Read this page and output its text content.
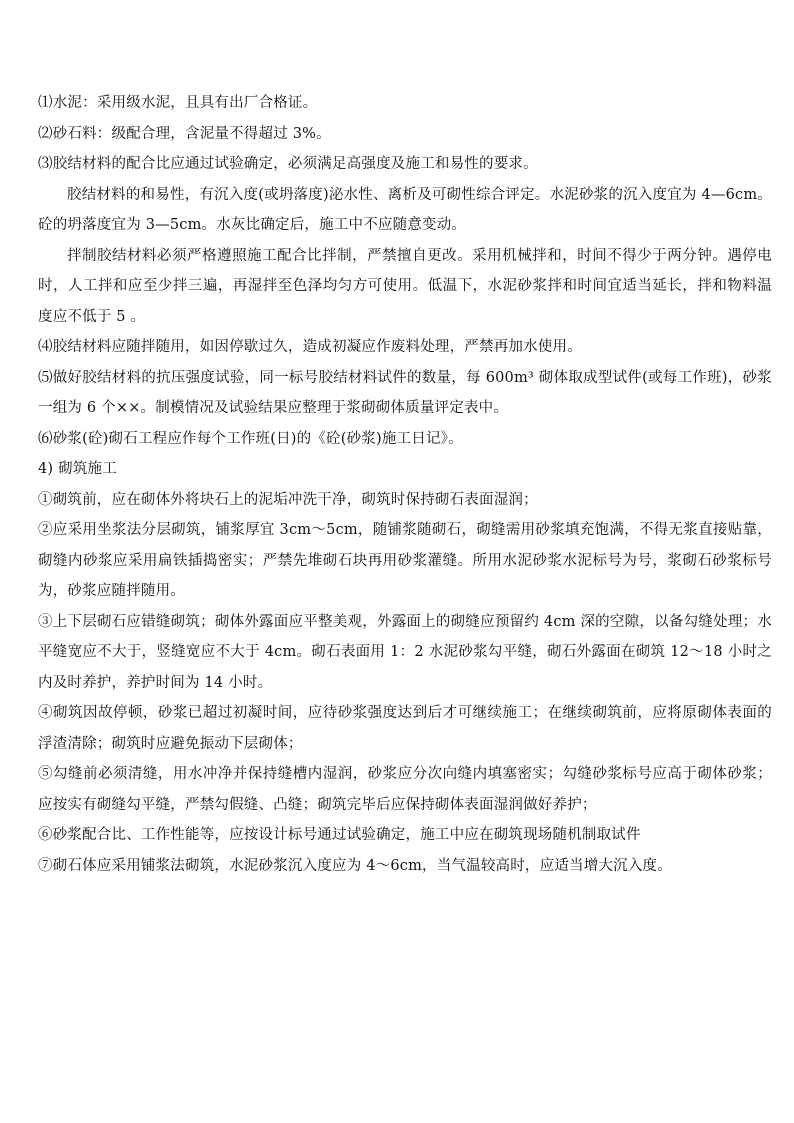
⑴水泥：采用级水泥，且具有出厂合格证。

⑵砂石料：级配合理，含泥量不得超过 3%。

⑶胶结材料的配合比应通过试验确定，必须满足高强度及施工和易性的要求。

胶结材料的和易性，有沉入度(或坍落度)泌水性、离析及可砌性综合评定。水泥砂浆的沉入度宜为 4—6cm。砼的坍落度宜为 3—5cm。水灰比确定后，施工中不应随意变动。

拌制胶结材料必须严格遵照施工配合比拌制，严禁擅自更改。采用机械拌和，时间不得少于两分钟。遇停电时，人工拌和应至少拌三遍，再湿拌至色泽均匀方可使用。低温下，水泥砂浆拌和时间宜适当延长，拌和物料温度应不低于 5 。

⑷胶结材料应随拌随用，如因停歇过久，造成初凝应作废料处理，严禁再加水使用。

⑸做好胶结材料的抗压强度试验，同一标号胶结材料试件的数量，每 600m³ 砌体取成型试件(或每工作班)，砂浆一组为 6 个××。制模情况及试验结果应整理于浆砌砌体质量评定表中。

⑹砂浆(砼)砌石工程应作每个工作班(日)的《砼(砂浆)施工日记》。

4) 砌筑施工

①砌筑前，应在砌体外将块石上的泥垢冲洗干净，砌筑时保持砌石表面湿润；

②应采用坐浆法分层砌筑，铺浆厚宜 3cm～5cm，随铺浆随砌石，砌缝需用砂浆填充饱满，不得无浆直接贴靠，砌缝内砂浆应采用扁铁插捣密实；严禁先堆砌石块再用砂浆灌缝。所用水泥砂浆水泥标号为号，浆砌石砂浆标号为，砂浆应随拌随用。

③上下层砌石应错缝砌筑；砌体外露面应平整美观，外露面上的砌缝应预留约 4cm 深的空隙，以备勾缝处理；水平缝宽应不大于，竖缝宽应不大于 4cm。砌石表面用 1：2 水泥砂浆勾平缝，砌石外露面在砌筑 12～18 小时之内及时养护，养护时间为 14 小时。

④砌筑因故停顿，砂浆已超过初凝时间，应待砂浆强度达到后才可继续施工；在继续砌筑前，应将原砌体表面的浮渣清除；砌筑时应避免振动下层砌体；

⑤勾缝前必须清缝，用水冲净并保持缝槽内湿润，砂浆应分次向缝内填塞密实；勾缝砂浆标号应高于砌体砂浆；应按实有砌缝勾平缝，严禁勾假缝、凸缝；砌筑完毕后应保持砌体表面湿润做好养护；

⑥砂浆配合比、工作性能等，应按设计标号通过试验确定，施工中应在砌筑现场随机制取试件

⑦砌石体应采用铺浆法砌筑，水泥砂浆沉入度应为 4～6cm，当气温较高时，应适当增大沉入度。
